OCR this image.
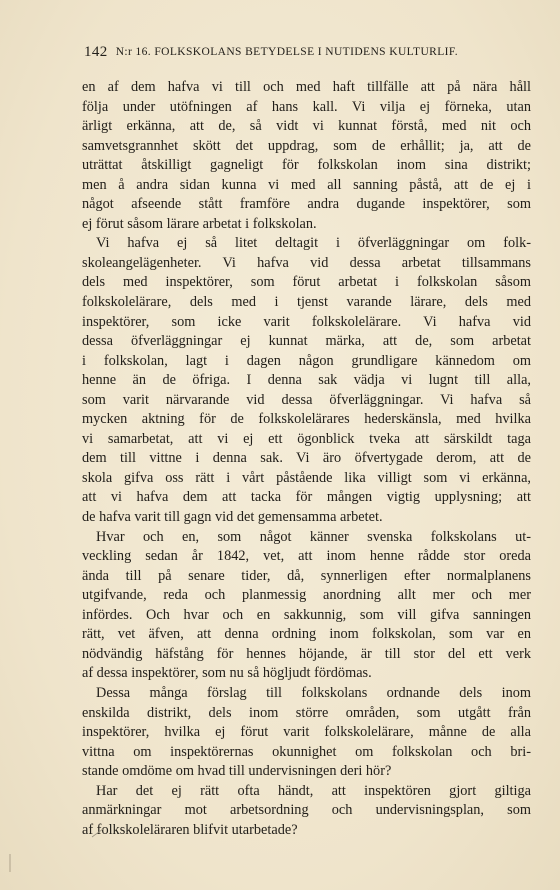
142 N:r 16. FOLKSKOLANS BETYDELSE I NUTIDENS KULTURLIF.
en af dem hafva vi till och med haft tillfälle att på nära håll
följa under utöfningen af hans kall. Vi vilja ej förneka, utan
ärligt erkänna, att de, så vidt vi kunnat förstå, med nit och
samvetsgrannhet skött det uppdrag, som de erhållit; ja, att de
uträttat åtskilligt gagneligt för folkskolan inom sina distrikt;
men å andra sidan kunna vi med all sanning påstå, att de ej i
något afseende stått framföre andra dugande inspektörer, som
ej förut såsom lärare arbetat i folkskolan.
Vi hafva ej så litet deltagit i öfverläggningar om folk-
skoleangelägenheter. Vi hafva vid dessa arbetat tillsammans
dels med inspektörer, som förut arbetat i folkskolan såsom
folkskolelärare, dels med i tjenst varande lärare, dels med
inspektörer, som icke varit folkskolelärare. Vi hafva vid
dessa öfverläggningar ej kunnat märka, att de, som arbetat
i folkskolan, lagt i dagen någon grundligare kännedom om
henne än de öfriga. I denna sak vädja vi lugnt till alla,
som varit närvarande vid dessa öfverläggningar. Vi hafva så
mycken aktning för de folkskolelärares hederskänsla, med hvilka
vi samarbetat, att vi ej ett ögonblick tveka att särskildt taga
dem till vittne i denna sak. Vi äro öfvertygade derom, att de
skola gifva oss rätt i vårt påstående lika villigt som vi erkänna,
att vi hafva dem att tacka för mången vigtig upplysning; att
de hafva varit till gagn vid det gemensamma arbetet.
Hvar och en, som något känner svenska folkskolans ut-
veckling sedan år 1842, vet, att inom henne rådde stor oreda
ända till på senare tider, då, synnerligen efter normalplanens
utgifvande, reda och planmessig anordning allt mer och mer
infördes. Och hvar och en sakkunnig, som vill gifva sanningen
rätt, vet äfven, att denna ordning inom folkskolan, som var en
nödvändig häfstång för hennes höjande, är till stor del ett verk
af dessa inspektörer, som nu så högljudt fördömas.
Dessa många förslag till folkskolans ordnande dels inom
enskilda distrikt, dels inom större områden, som utgått från
inspektörer, hvilka ej förut varit folkskolelärare, månne de alla
vittna om inspektörernas okunnighet om folkskolan och bri-
stande omdöme om hvad till undervisningen deri hör?
Har det ej rätt ofta händt, att inspektören gjort giltiga
anmärkningar mot arbetsordning och undervisningsplan, som
af folkskoleläraren blifvit utarbetade?
